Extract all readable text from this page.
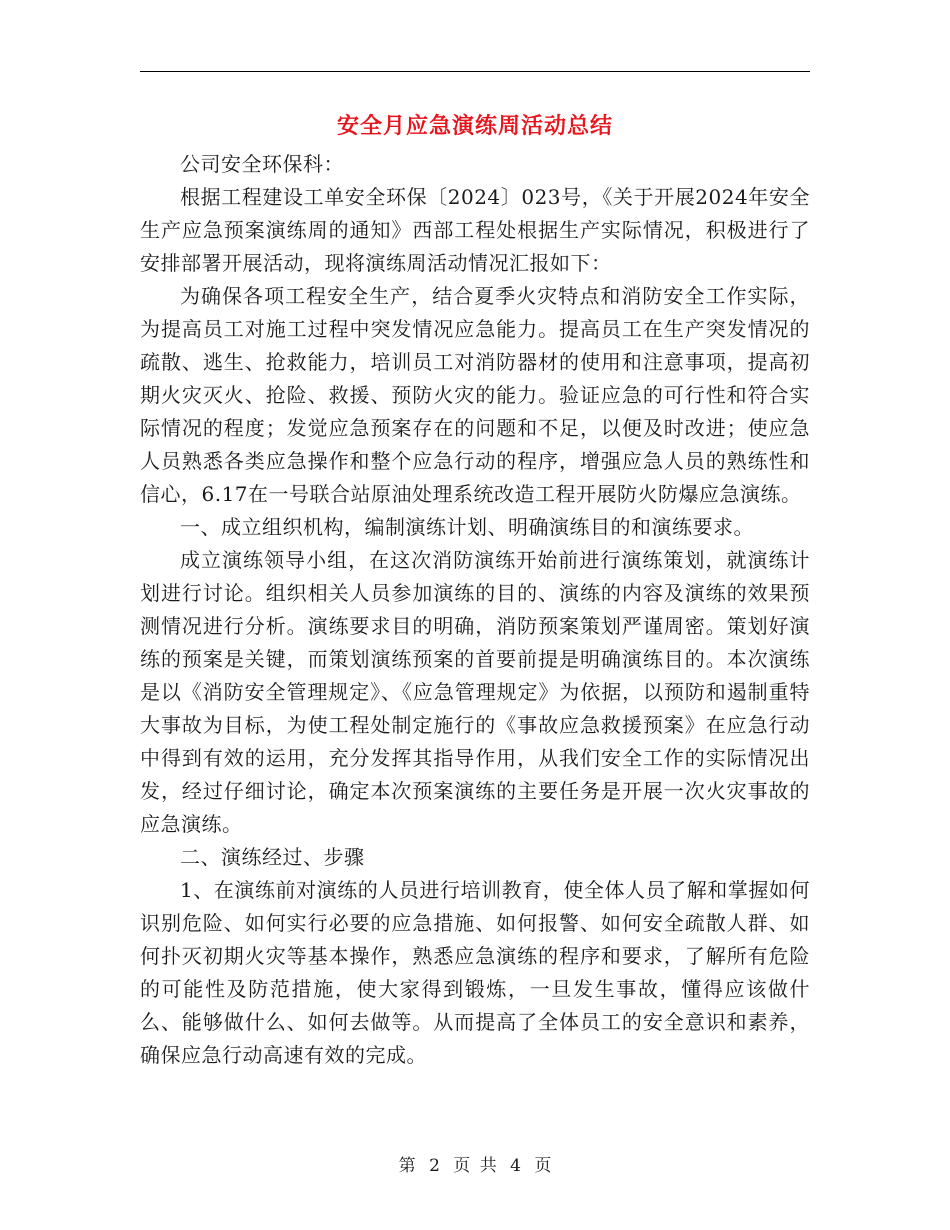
安全月应急演练周活动总结

公司安全环保科：

根据工程建设工单安全环保〔2024〕023号，《关于开展2024年安全生产应急预案演练周的通知》西部工程处根据生产实际情况，积极进行了安排部署开展活动，现将演练周活动情况汇报如下：

为确保各项工程安全生产，结合夏季火灾特点和消防安全工作实际，为提高员工对施工过程中突发情况应急能力。提高员工在生产突发情况的疏散、逃生、抢救能力，培训员工对消防器材的使用和注意事项，提高初期火灾灭火、抢险、救援、预防火灾的能力。验证应急的可行性和符合实际情况的程度；发觉应急预案存在的问题和不足，以便及时改进；使应急人员熟悉各类应急操作和整个应急行动的程序，增强应急人员的熟练性和信心，6.17在一号联合站原油处理系统改造工程开展防火防爆应急演练。

一、成立组织机构，编制演练计划、明确演练目的和演练要求。

成立演练领导小组，在这次消防演练开始前进行演练策划，就演练计划进行讨论。组织相关人员参加演练的目的、演练的内容及演练的效果预测情况进行分析。演练要求目的明确，消防预案策划严谨周密。策划好演练的预案是关键，而策划演练预案的首要前提是明确演练目的。本次演练是以《消防安全管理规定》、《应急管理规定》为依据，以预防和遏制重特大事故为目标，为使工程处制定施行的《事故应急救援预案》在应急行动中得到有效的运用，充分发挥其指导作用，从我们安全工作的实际情况出发，经过仔细讨论，确定本次预案演练的主要任务是开展一次火灾事故的应急演练。

二、演练经过、步骤

1、在演练前对演练的人员进行培训教育，使全体人员了解和掌握如何识别危险、如何实行必要的应急措施、如何报警、如何安全疏散人群、如何扑灭初期火灾等基本操作，熟悉应急演练的程序和要求，了解所有危险的可能性及防范措施，使大家得到锻炼，一旦发生事故，懂得应该做什么、能够做什么、如何去做等。从而提高了全体员工的安全意识和素养，确保应急行动高速有效的完成。

第 2 页 共 4 页
